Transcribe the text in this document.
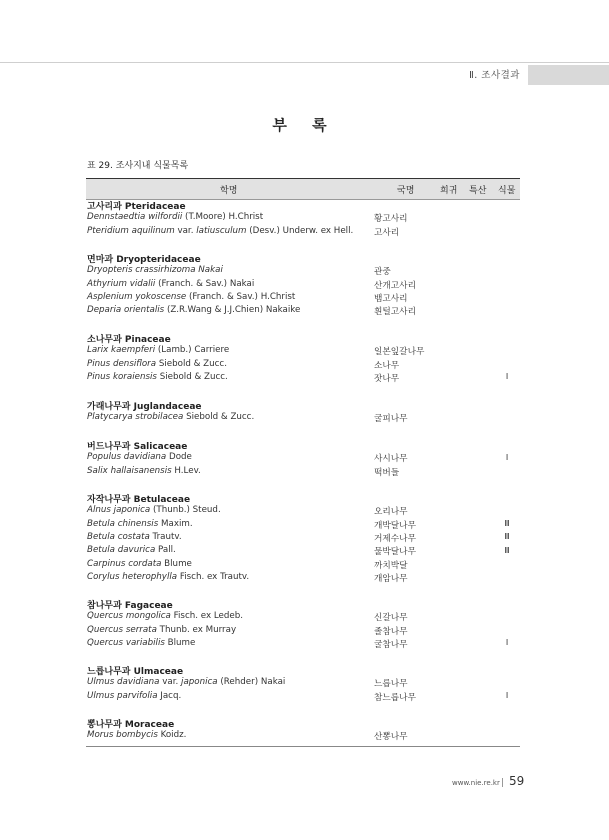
Ⅱ. 조사결과
부 록
표 29. 조사지내 식물목록
학명	국명	희귀 특산 식물
고사리과 Pteridaceae
Dennstaedtia wilfordii (T.Moore) H.Christ	황고사리
Pteridium aquilinum var. latiusculum (Desv.) Underw. ex Hell. 고사리
면마과 Dryopteridaceae
Dryopteris crassirhizoma Nakai	관중
Athyrium vidalii (Franch. & Sav.) Nakai	산개고사리
Asplenium yokoscense (Franch. & Sav.) H.Christ	뱀고사리
Deparia orientalis (Z.R.Wang & J.J.Chien) Nakaike	흰털고사리
소나무과 Pinaceae
Larix kaempferi (Lamb.) Carriere	일본잎갈나무
Pinus densiflora Siebold & Zucc.	소나무
Pinus koraiensis Siebold & Zucc.	잣나무	I
가래나무과 Juglandaceae
Platycarya strobilacea Siebold & Zucc.	굴피나무
버드나무과 Salicaceae
Populus davidiana Dode	사시나무	I
Salix hallaisanensis H.Lev.	떡버들
자작나무과 Betulaceae
Alnus japonica (Thunb.) Steud.	오리나무
Betula chinensis Maxim.	개박달나무	Ⅲ
Betula costata Trautv.	거제수나무	Ⅲ
Betula davurica Pall.	물박달나무	Ⅲ
Carpinus cordata Blume	까치박달
Corylus heterophylla Fisch. ex Trautv.	개암나무
참나무과 Fagaceae
Quercus mongolica Fisch. ex Ledeb.	신갈나무
Quercus serrata Thunb. ex Murray	졸참나무
Quercus variabilis Blume	굴참나무	I
느릅나무과 Ulmaceae
Ulmus davidiana var. japonica (Rehder) Nakai	느릅나무
Ulmus parvifolia Jacq.	참느릅나무	I
뽕나무과 Moraceae
Morus bombycis Koidz.	산뽕나무
www.nie.re.kr 59
